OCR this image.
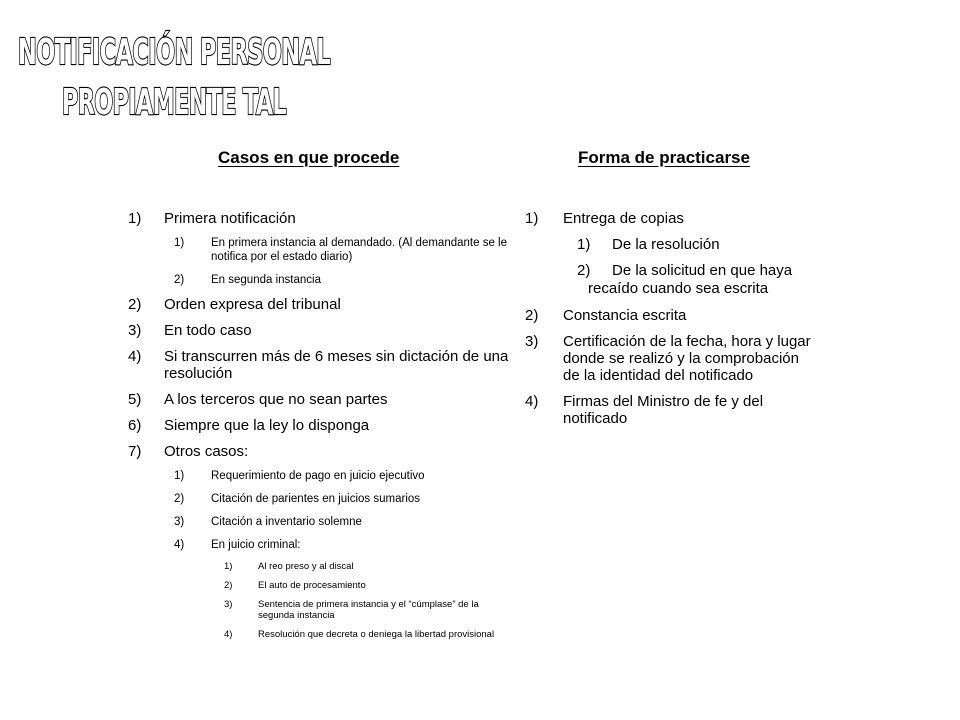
NOTIFICACIÓN PERSONAL
PROPIAMENTE TAL
Casos en que procede	Forma de practicarse
1)	Primera notificación
1)	En primera instancia al demandado. (Al demandante se le notifica por el estado diario)
2)	En segunda instancia
2)	Orden expresa del tribunal
3)	En todo caso
4)	Si transcurren más de 6 meses sin dictación de una resolución
5)	A los terceros que no sean partes
6)	Siempre que la ley lo disponga
7)	Otros casos:
1)	Requerimiento de pago en juicio ejecutivo
2)	Citación de parientes en juicios sumarios
3)	Citación a inventario solemne
4)	En juicio criminal:
1)	Al reo preso y al discal
2)	El auto de procesamiento
3)	Sentencia de primera instancia y el “cúmplase” de la segunda instancia
4)	Resolución que decreta o deniega la libertad provisional
1)	Entrega de copias
1)	De la resolución
2)	De la solicitud en que haya
recaído cuando sea escrita
2)	Constancia escrita
3)	Certificación de la fecha, hora y lugar donde se realizó y la comprobación de la identidad del notificado
4)	Firmas del Ministro de fe y del notificado
